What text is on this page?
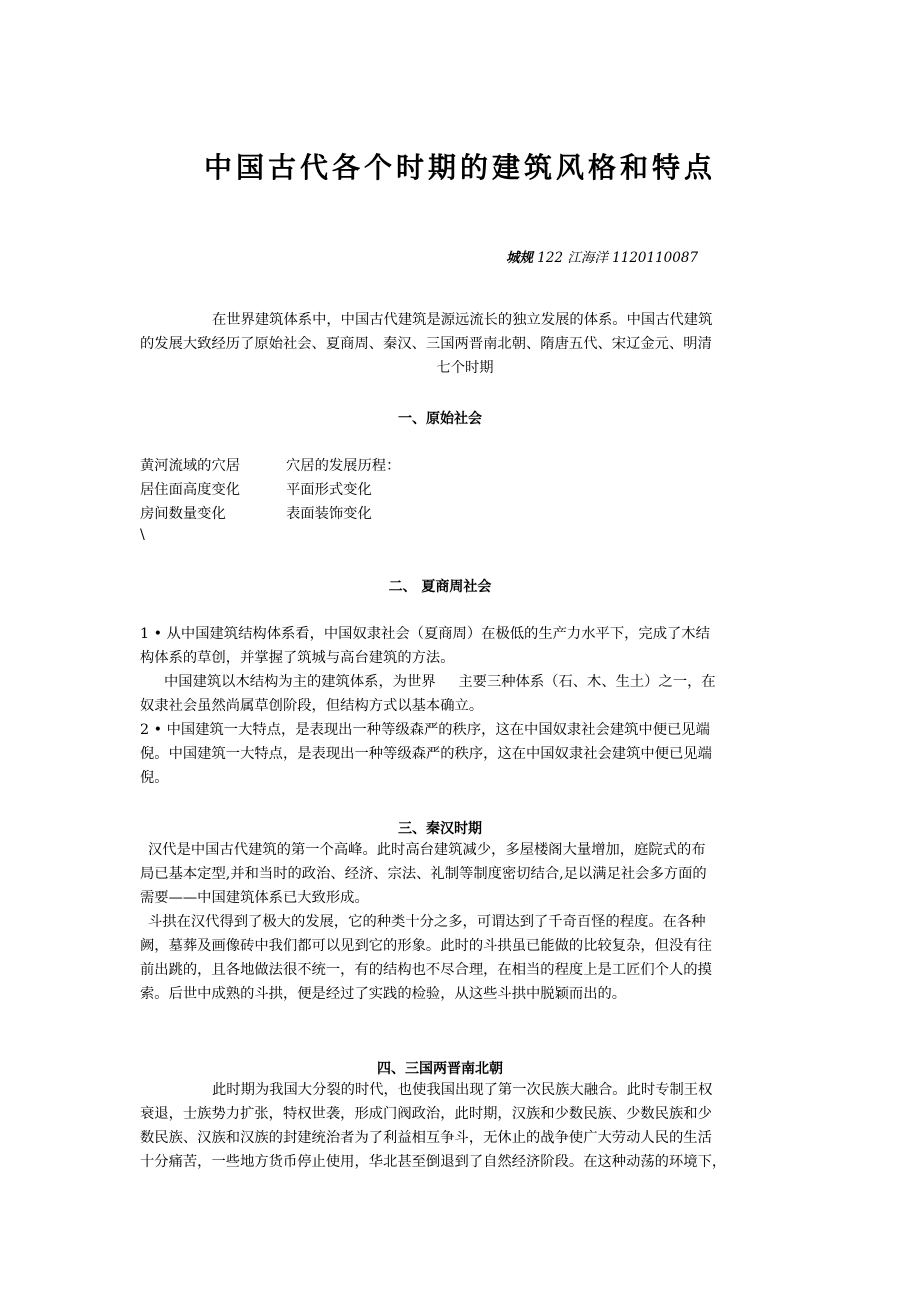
中国古代各个时期的建筑风格和特点
城规 122 江海洋 1120110087
在世界建筑体系中，中国古代建筑是源远流长的独立发展的体系。中国古代建筑
的发展大致经历了原始社会、夏商周、秦汉、三国两晋南北朝、隋唐五代、宋辽金元、明清
七个时期
一、原始社会
黄河流域的穴居	穴居的发展历程：
居住面高度变化	平面形式变化
房间数量变化	表面装饰变化
\
二、 夏商周社会
1 • 从中国建筑结构体系看，中国奴隶社会（夏商周）在极低的生产力水平下，完成了木结
构体系的草创，并掌握了筑城与高台建筑的方法。
中国建筑以木结构为主的建筑体系，为世界     主要三种体系（石、木、生土）之一，在
奴隶社会虽然尚属草创阶段，但结构方式以基本确立。
2 • 中国建筑一大特点，是表现出一种等级森严的秩序，这在中国奴隶社会建筑中便已见端
倪。中国建筑一大特点，是表现出一种等级森严的秩序，这在中国奴隶社会建筑中便已见端
倪。
三、秦汉时期
汉代是中国古代建筑的第一个高峰。此时高台建筑减少，多屋楼阁大量增加，庭院式的布
局已基本定型,并和当时的政治、经济、宗法、礼制等制度密切结合,足以满足社会多方面的
需要——中国建筑体系已大致形成。
斗拱在汉代得到了极大的发展，它的种类十分之多，可谓达到了千奇百怪的程度。在各种
阙，墓葬及画像砖中我们都可以见到它的形象。此时的斗拱虽已能做的比较复杂，但没有往
前出跳的，且各地做法很不统一，有的结构也不尽合理，在相当的程度上是工匠们个人的摸
索。后世中成熟的斗拱，便是经过了实践的检验，从这些斗拱中脱颖而出的。
四、三国两晋南北朝
此时期为我国大分裂的时代，也使我国出现了第一次民族大融合。此时专制王权
衰退，士族势力扩张，特权世袭，形成门阀政治，此时期，汉族和少数民族、少数民族和少
数民族、汉族和汉族的封建统治者为了利益相互争斗，无休止的战争使广大劳动人民的生活
十分痛苦，一些地方货币停止使用，华北甚至倒退到了自然经济阶段。在这种动荡的环境下，
